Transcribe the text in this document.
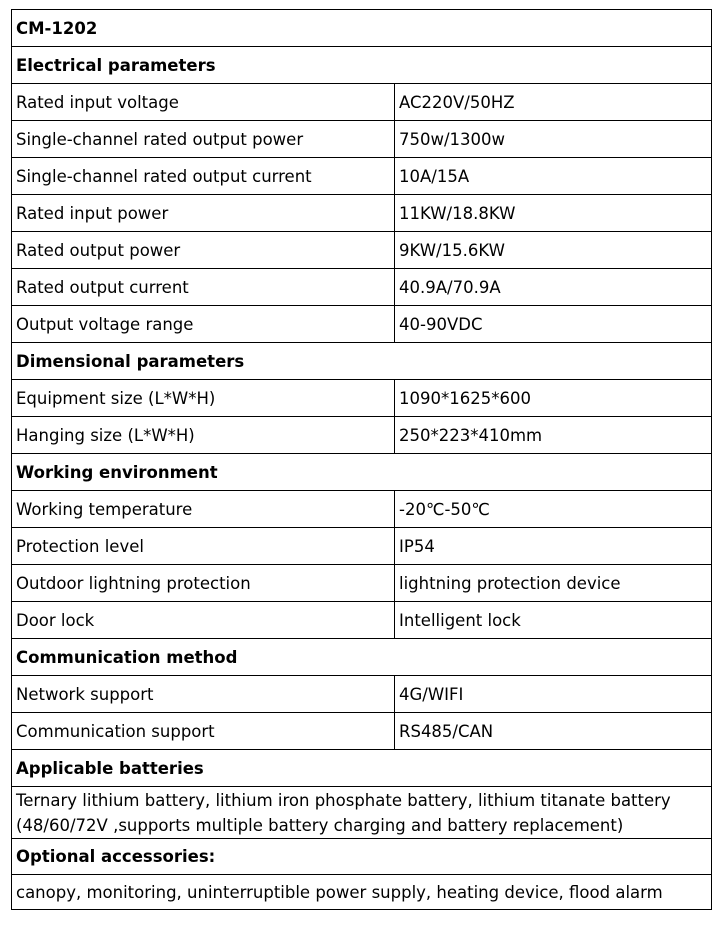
CM-1202	
Electrical parameters	
Rated input voltage	AC220V/50HZ
Single-channel rated output power	750w/1300w
Single-channel rated output current	10A/15A
Rated input power	11KW/18.8KW
Rated output power	9KW/15.6KW
Rated output current	40.9A/70.9A
Output voltage range	40-90VDC
Dimensional parameters	
Equipment size (L*W*H)	1090*1625*600
Hanging size (L*W*H)	250*223*410mm
Working environment	
Working temperature	-20℃-50℃
Protection level	IP54
Outdoor lightning protection	lightning protection device
Door lock	Intelligent lock
Communication method	
Network support	4G/WIFI
Communication support	RS485/CAN
Applicable batteries	
Ternary lithium battery, lithium iron phosphate battery, lithium titanate battery (48/60/72V ,supports multiple battery charging and battery replacement)	
Optional accessories:	
canopy, monitoring, uninterruptible power supply, heating device, flood alarm	
